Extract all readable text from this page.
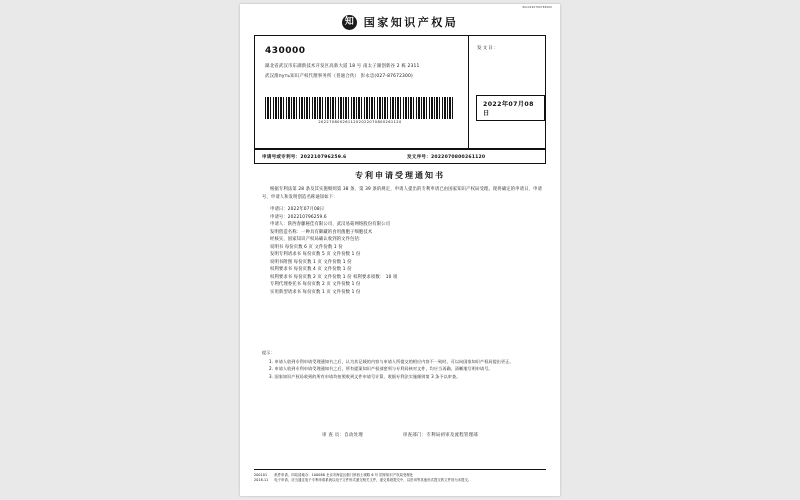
9012220700765000
知 国家知识产权局
430000
湖北省武汉市东湖新技术开发区高新大道 18 号 南太子湖创新谷 2 栋 2311
武汉淮путь知识产权代理事务所（普通合伙） 彭永忠(027-87672300)
2022708002611202022070800261120
发文日：
2022年07月08日
申请号或专利号：202210796259.6	发文序号：2022070800261120
专利申请受理通知书

根据专利法第 28 条及其实施细则第 38 条、第 39 条的规定，申请人提出的专利申请已由国家知识产权局受理。现将确定的申请日、申请号、申请人和发明创造名称通知如下：

申请日：2022年07月08日

申请号：202210796259.6

申请人：陕西春藤秘佳有限公司、武汉易菇网络股份有限公司

发明创造名称：一种具有御藏的食用菌胞子细胞技术

经核实，国家知识产权局确认收到的文件包括：

说明书 每份页数 6 页 文件份数 1 份

发明专利请求书 每份页数 5 页 文件份数 1 份

说明书附图 每份页数 1 页 文件份数 1 份

权利要求书 每份页数 4 页 文件份数 1 份

权利要求书 每份页数 2 页 文件份数 1 份 权利要求项数： 10 项

专利代理委托书 每份页数 2 页 文件份数 1 份

实用新型请求书 每份页数 1 页 文件份数 1 份

提示：

1. 申请人收到专利申请受理通知书之后，认为其记载的内容与申请人所提交的相应内容不一致时，可以向国家知识产权局提出更正。

2. 申请人收到专利申请受理通知书之后，所有提案知识产权部密须与专利局核对文件，均应当再确、清晰地写明申请号。

3. 国家知识产权局收到的所有申请均按照收到文件申请号计算，收据专利法实施细则第 3 条予以审查。

审 查 员：自动处理	审查部门：专利局初审及流程管理部

200101

2018.11

纸件申请、四站清地办：100088 北京市海淀区蓟门桥西土城路 6 号 国家知识产权局受理处

电子申请，应当通过电子专利申请系统以电子文件形式递交相关文件，递交系纸提交中，以医用等其他形式提交的文件视为未提交。
